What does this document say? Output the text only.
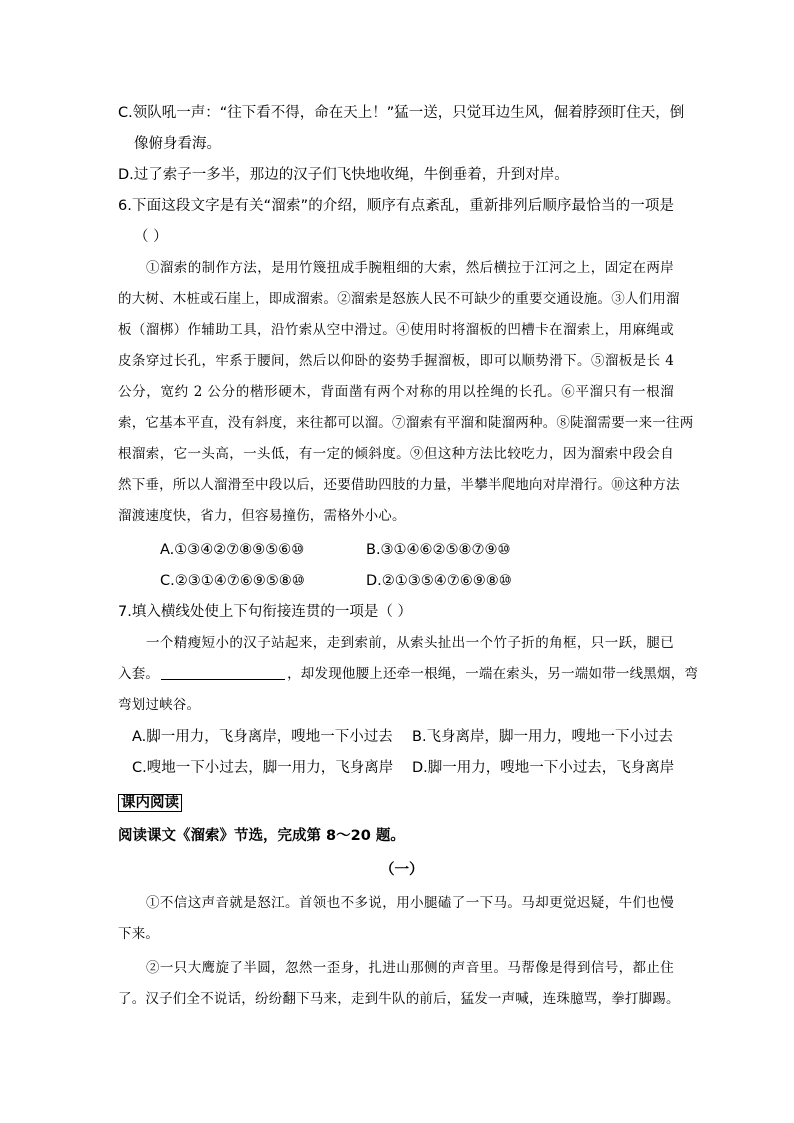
C.领队吼一声：“往下看不得，命在天上！”猛一送，只觉耳边生风，倔着脖颈盯住天，倒
像俯身看海。
D.过了索子一多半，那边的汉子们飞快地收绳，牛倒垂着，升到对岸。
6.下面这段文字是有关“溜索”的介绍，顺序有点紊乱，重新排列后顺序最恰当的一项是
（ ）
①溜索的制作方法，是用竹篾扭成手腕粗细的大索，然后横拉于江河之上，固定在两岸
的大树、木桩或石崖上，即成溜索。②溜索是怒族人民不可缺少的重要交通设施。③人们用溜
板（溜梆）作辅助工具，沿竹索从空中滑过。④使用时将溜板的凹槽卡在溜索上，用麻绳或
皮条穿过长孔，牢系于腰间，然后以仰卧的姿势手握溜板，即可以顺势滑下。⑤溜板是长 4
公分，宽约 2 公分的楷形硬木，背面凿有两个对称的用以拴绳的长孔。⑥平溜只有一根溜
索，它基本平直，没有斜度，来往都可以溜。⑦溜索有平溜和陡溜两种。⑧陡溜需要一来一往两
根溜索，它一头高，一头低，有一定的倾斜度。⑨但这种方法比较吃力，因为溜索中段会自
然下垂，所以人溜滑至中段以后，还要借助四肢的力量，半攀半爬地向对岸滑行。⑩这种方法
溜渡速度快，省力，但容易撞伤，需格外小心。
A.①③④②⑦⑧⑨⑤⑥⑩	B.③①④⑥②⑤⑧⑦⑨⑩
C.②③①④⑦⑥⑨⑤⑧⑩	D.②①③⑤④⑦⑥⑨⑧⑩
7.填入横线处使上下句衔接连贯的一项是（ ）
一个精瘦短小的汉子站起来，走到索前，从索头扯出一个竹子折的角框，只一跃，腿已
入套。	，却发现他腰上还牵一根绳，一端在索头，另一端如带一线黑烟，弯
弯划过峡谷。
A.脚一用力，飞身离岸，嗖地一下小过去 B.飞身离岸，脚一用力，嗖地一下小过去
C.嗖地一下小过去，脚一用力，飞身离岸 D.脚一用力，嗖地一下小过去，飞身离岸
课内阅读
阅读课文《溜索》节选，完成第 8～20 题。
（一）
①不信这声音就是怒江。首领也不多说，用小腿磕了一下马。马却更觉迟疑，牛们也慢
下来。
②一只大鹰旋了半圆，忽然一歪身，扎进山那侧的声音里。马帮像是得到信号，都止住
了。汉子们全不说话，纷纷翻下马来，走到牛队的前后，猛发一声喊，连珠臆骂，拳打脚踢。
